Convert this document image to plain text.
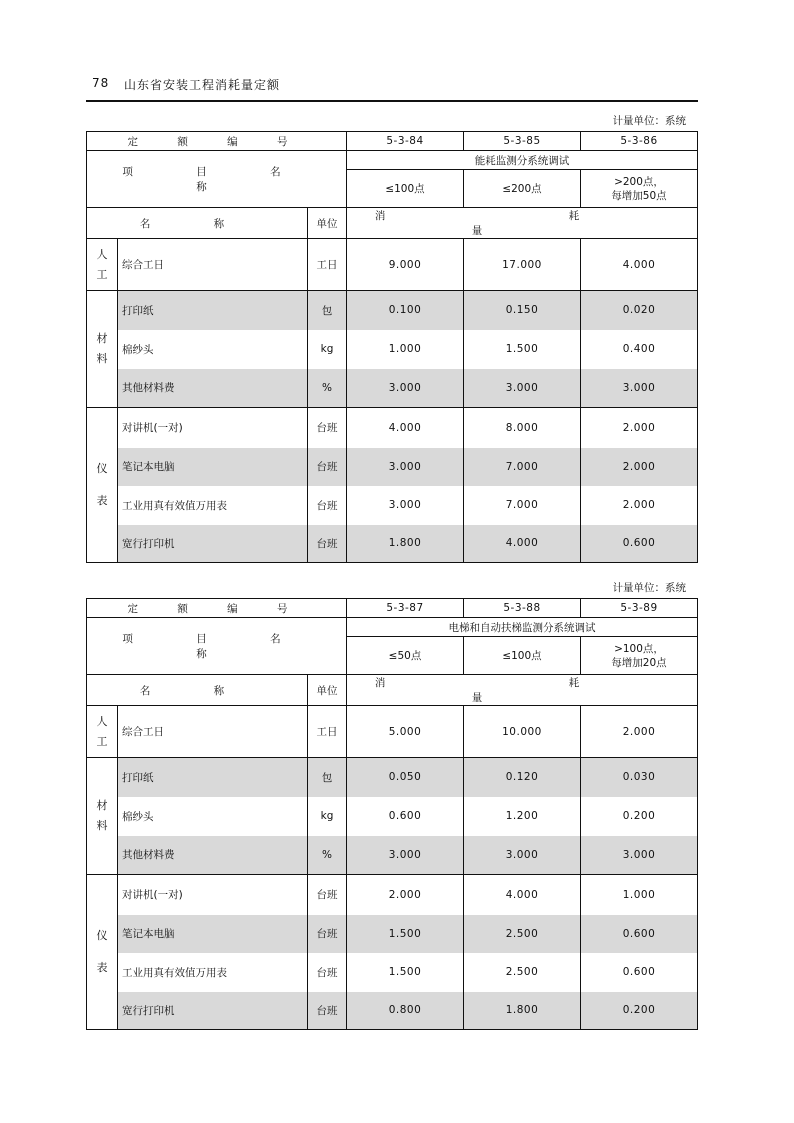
78 山东省安装工程消耗量定额
计量单位：系统
定 额 编 号			5-3-84	5-3-85	5-3-86
项 目 名 称			能耗监测分系统调试		
			≤100点	≤200点	>200点，
每增加50点

名 称		单位	消 耗 量		
人工	综合工日	工日	9.000	17.000	4.000
材料	打印纸	包	0.100	0.150	0.020
	棉纱头	kg	1.000	1.500	0.400
	其他材料费	%	3.000	3.000	3.000
仪表	对讲机(一对)	台班	4.000	8.000	2.000
	笔记本电脑	台班	3.000	7.000	2.000
	工业用真有效值万用表	台班	3.000	7.000	2.000
	宽行打印机	台班	1.800	4.000	0.600
计量单位：系统
定 额 编 号			5-3-87	5-3-88	5-3-89
项 目 名 称			电梯和自动扶梯监测分系统调试		
			≤50点	≤100点	>100点，
每增加20点

名 称		单位	消 耗 量		
人工	综合工日	工日	5.000	10.000	2.000
材料	打印纸	包	0.050	0.120	0.030
	棉纱头	kg	0.600	1.200	0.200
	其他材料费	%	3.000	3.000	3.000
仪表	对讲机(一对)	台班	2.000	4.000	1.000
	笔记本电脑	台班	1.500	2.500	0.600
	工业用真有效值万用表	台班	1.500	2.500	0.600
	宽行打印机	台班	0.800	1.800	0.200
